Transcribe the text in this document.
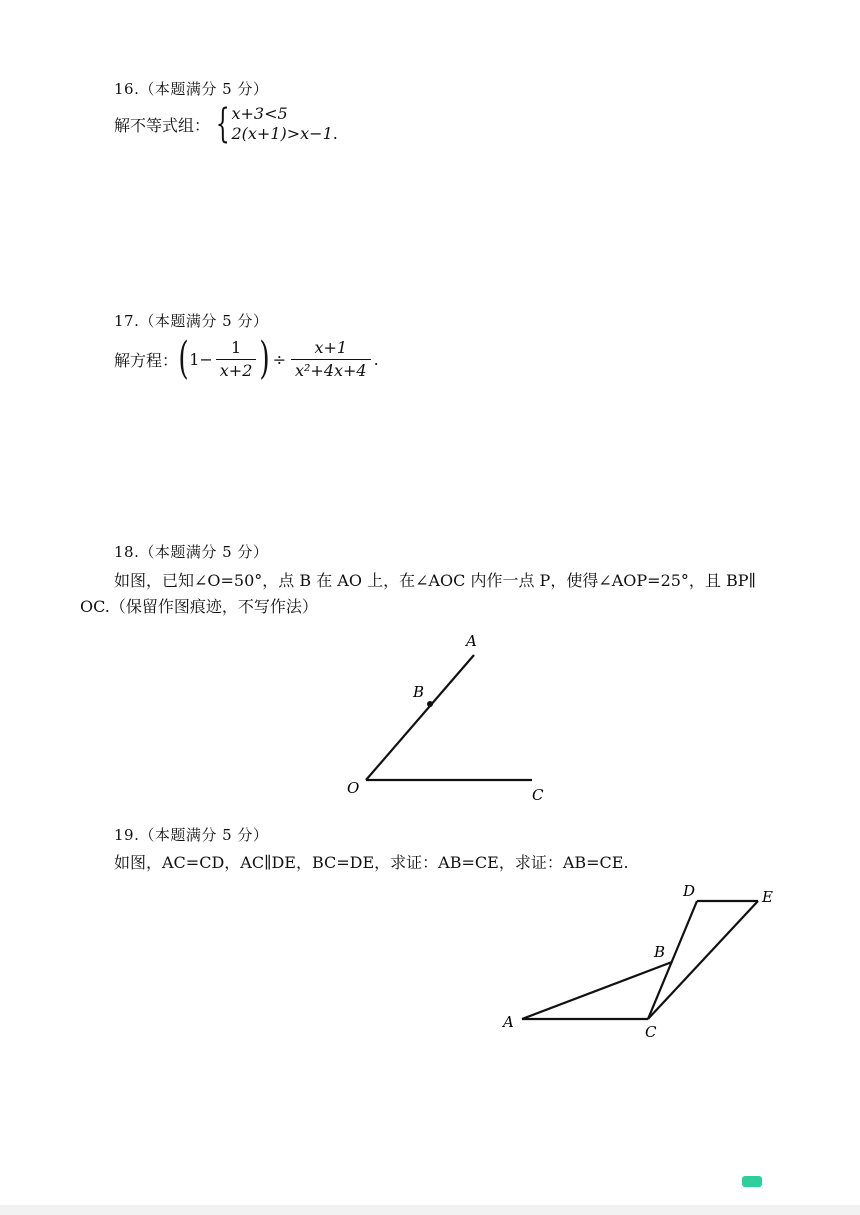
16.（本题满分 5 分）
解不等式组： { x+3<5
2(x+1)>x−1.
17.（本题满分 5 分）
解方程： ( $1- \frac{1}{x+2}$ ) ÷ $\frac{x+1}{\text{x²+4x+4}}$ .
18.（本题满分 5 分）
如图，已知∠O=50°，点 B 在 AO 上，在∠AOC 内作一点 P，使得∠AOP=25°，且 BP∥
OC.（保留作图痕迹，不写作法）
A
B
O	C
19.（本题满分 5 分）
如图，AC=CD，AC∥DE，BC=DE，求证：AB=CE，求证：AB=CE.
A
B
C
D	E
